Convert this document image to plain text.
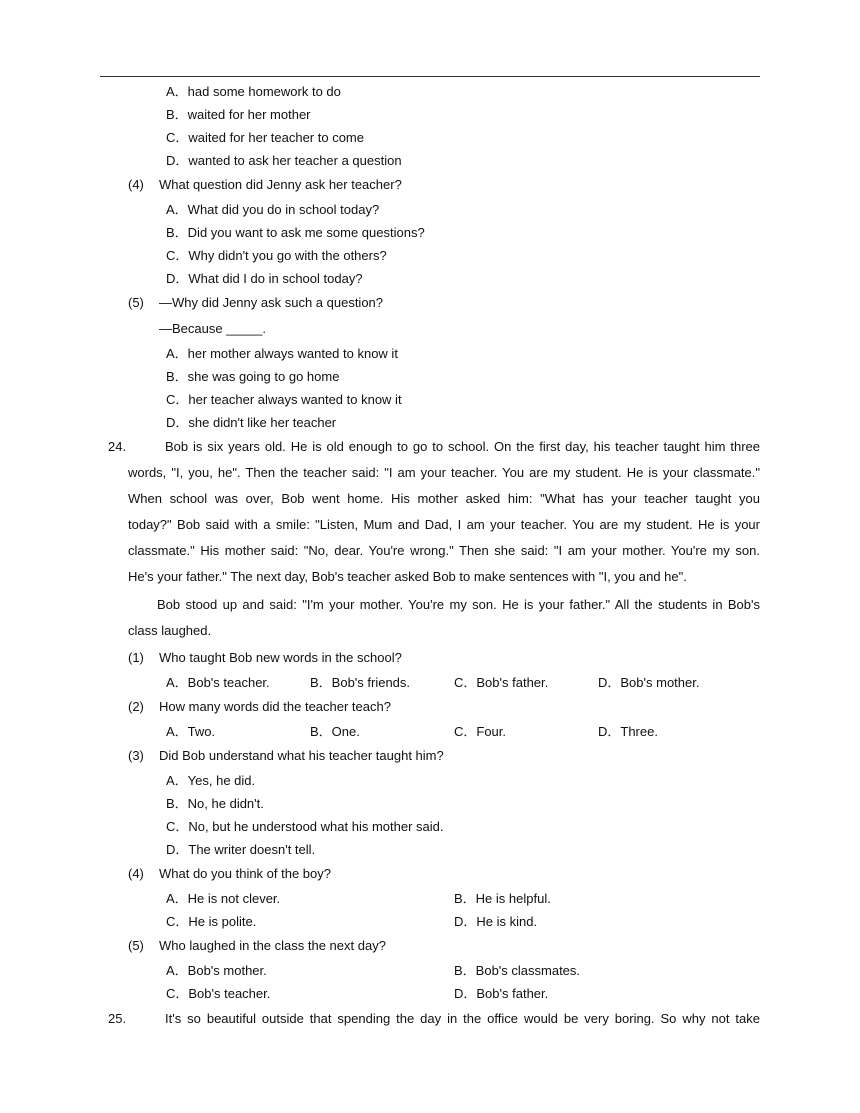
A．had some homework to do
B．waited for her mother
C．waited for her teacher to come
D．wanted to ask her teacher a question
(4) What question did Jenny ask her teacher?
A．What did you do in school today?
B．Did you want to ask me some questions?
C．Why didn't you go with the others?
D．What did I do in school today?
(5) —Why did Jenny ask such a question?
—Because _____.
A．her mother always wanted to know it
B．she was going to go home
C．her teacher always wanted to know it
D．she didn't like her teacher
24.	Bob is six years old. He is old enough to go to school. On the first day, his teacher taught him three
words, "I, you, he". Then the teacher said: "I am your teacher. You are my student. He is your classmate."
When school was over, Bob went home. His mother asked him: "What has your teacher taught you
today?" Bob said with a smile: "Listen, Mum and Dad, I am your teacher. You are my student. He is your
classmate." His mother said: "No, dear. You're wrong." Then she said: "I am your mother. You're my son.
He's your father." The next day, Bob's teacher asked Bob to make sentences with "I, you and he".
Bob stood up and said: "I'm your mother. You're my son. He is your father." All the students in Bob's
class laughed.
(1) Who taught Bob new words in the school?
A．Bob's teacher.	B．Bob's friends.	C．Bob's father.	D．Bob's mother.
(2) How many words did the teacher teach?
A．Two.	B．One.	C．Four.	D．Three.
(3) Did Bob understand what his teacher taught him?
A．Yes, he did.
B．No, he didn't.
C．No, but he understood what his mother said.
D．The writer doesn't tell.
(4) What do you think of the boy?
A．He is not clever.	B．He is helpful.
C．He is polite.	D．He is kind.
(5) Who laughed in the class the next day?
A．Bob's mother.	B．Bob's classmates.
C．Bob's teacher.	D．Bob's father.
25.	It's so beautiful outside that spending the day in the office would be very boring. So why not take
